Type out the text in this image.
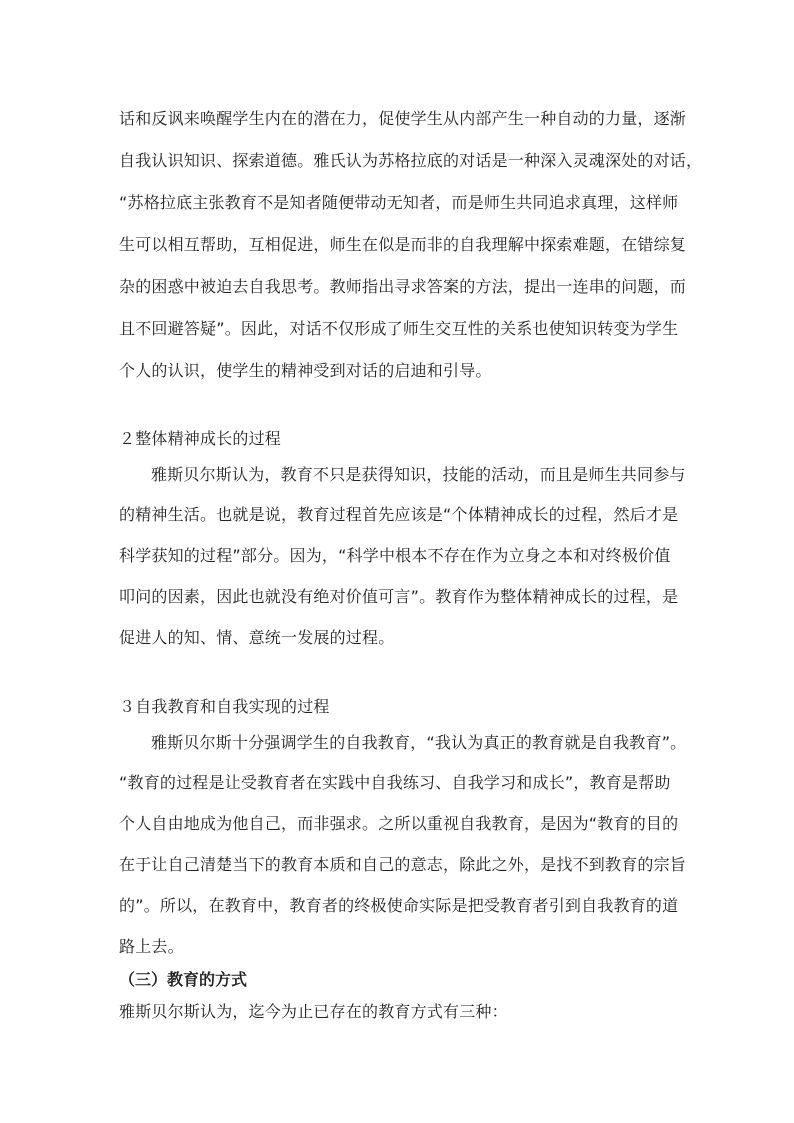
话和反讽来唤醒学生内在的潜在力，促使学生从内部产生一种自动的力量，逐渐
自我认识知识、探索道德。雅氏认为苏格拉底的对话是一种深入灵魂深处的对话，
“苏格拉底主张教育不是知者随便带动无知者，而是师生共同追求真理，这样师
生可以相互帮助，互相促进，师生在似是而非的自我理解中探索难题，在错综复
杂的困惑中被迫去自我思考。教师指出寻求答案的方法，提出一连串的问题，而
且不回避答疑”。因此，对话不仅形成了师生交互性的关系也使知识转变为学生
个人的认识，使学生的精神受到对话的启迪和引导。
２整体精神成长的过程
雅斯贝尔斯认为，教育不只是获得知识，技能的活动，而且是师生共同参与
的精神生活。也就是说，教育过程首先应该是“个体精神成长的过程，然后才是
科学获知的过程”部分。因为，“科学中根本不存在作为立身之本和对终极价值
叩问的因素，因此也就没有绝对价值可言”。教育作为整体精神成长的过程，是
促进人的知、情、意统一发展的过程。
３自我教育和自我实现的过程
雅斯贝尔斯十分强调学生的自我教育，“我认为真正的教育就是自我教育”。
“教育的过程是让受教育者在实践中自我练习、自我学习和成长”，教育是帮助
个人自由地成为他自己，而非强求。之所以重视自我教育，是因为“教育的目的
在于让自己清楚当下的教育本质和自己的意志，除此之外，是找不到教育的宗旨
的”。所以，在教育中，教育者的终极使命实际是把受教育者引到自我教育的道
路上去。
（三）教育的方式
雅斯贝尔斯认为，迄今为止已存在的教育方式有三种：
